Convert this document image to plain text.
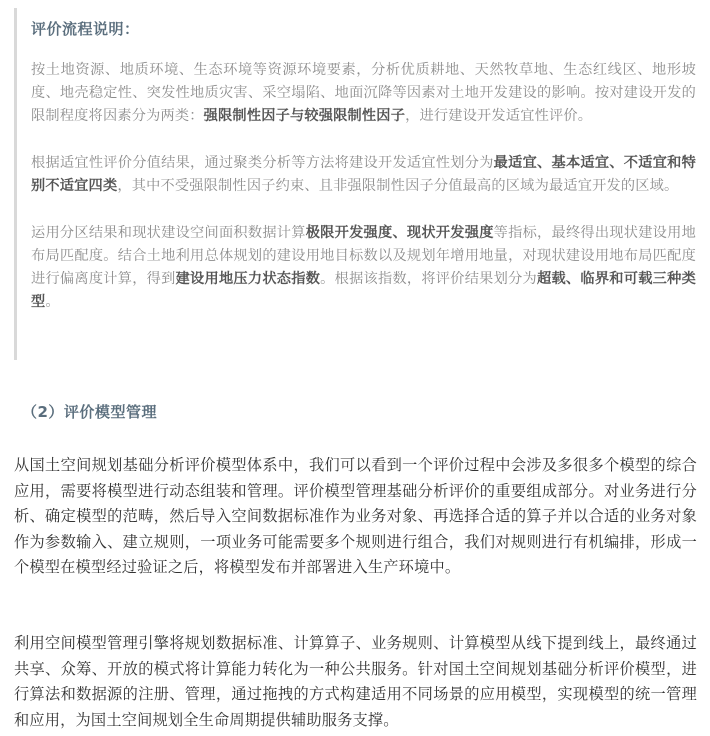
评价流程说明：

按土地资源、地质环境、生态环境等资源环境要素，分析优质耕地、天然牧草地、生态红线区、地形坡度、地壳稳定性、突发性地质灾害、采空塌陷、地面沉降等因素对土地开发建设的影响。按对建设开发的限制程度将因素分为两类：强限制性因子与较强限制性因子，进行建设开发适宜性评价。

根据适宜性评价分值结果，通过聚类分析等方法将建设开发适宜性划分为最适宜、基本适宜、不适宜和特别不适宜四类，其中不受强限制性因子约束、且非强限制性因子分值最高的区域为最适宜开发的区域。

运用分区结果和现状建设空间面积数据计算极限开发强度、现状开发强度等指标，最终得出现状建设用地布局匹配度。结合土地利用总体规划的建设用地目标数以及规划年增用地量，对现状建设用地布局匹配度进行偏离度计算，得到建设用地压力状态指数。根据该指数，将评价结果划分为超载、临界和可载三种类型。

（2）评价模型管理

从国土空间规划基础分析评价模型体系中，我们可以看到一个评价过程中会涉及多很多个模型的综合应用，需要将模型进行动态组装和管理。评价模型管理基础分析评价的重要组成部分。对业务进行分析、确定模型的范畴，然后导入空间数据标准作为业务对象、再选择合适的算子并以合适的业务对象作为参数输入、建立规则，一项业务可能需要多个规则进行组合，我们对规则进行有机编排，形成一个模型在模型经过验证之后，将模型发布并部署进入生产环境中。

利用空间模型管理引擎将规划数据标准、计算算子、业务规则、计算模型从线下提到线上，最终通过共享、众筹、开放的模式将计算能力转化为一种公共服务。针对国土空间规划基础分析评价模型，进行算法和数据源的注册、管理，通过拖拽的方式构建适用不同场景的应用模型，实现模型的统一管理和应用，为国土空间规划全生命周期提供辅助服务支撑。
